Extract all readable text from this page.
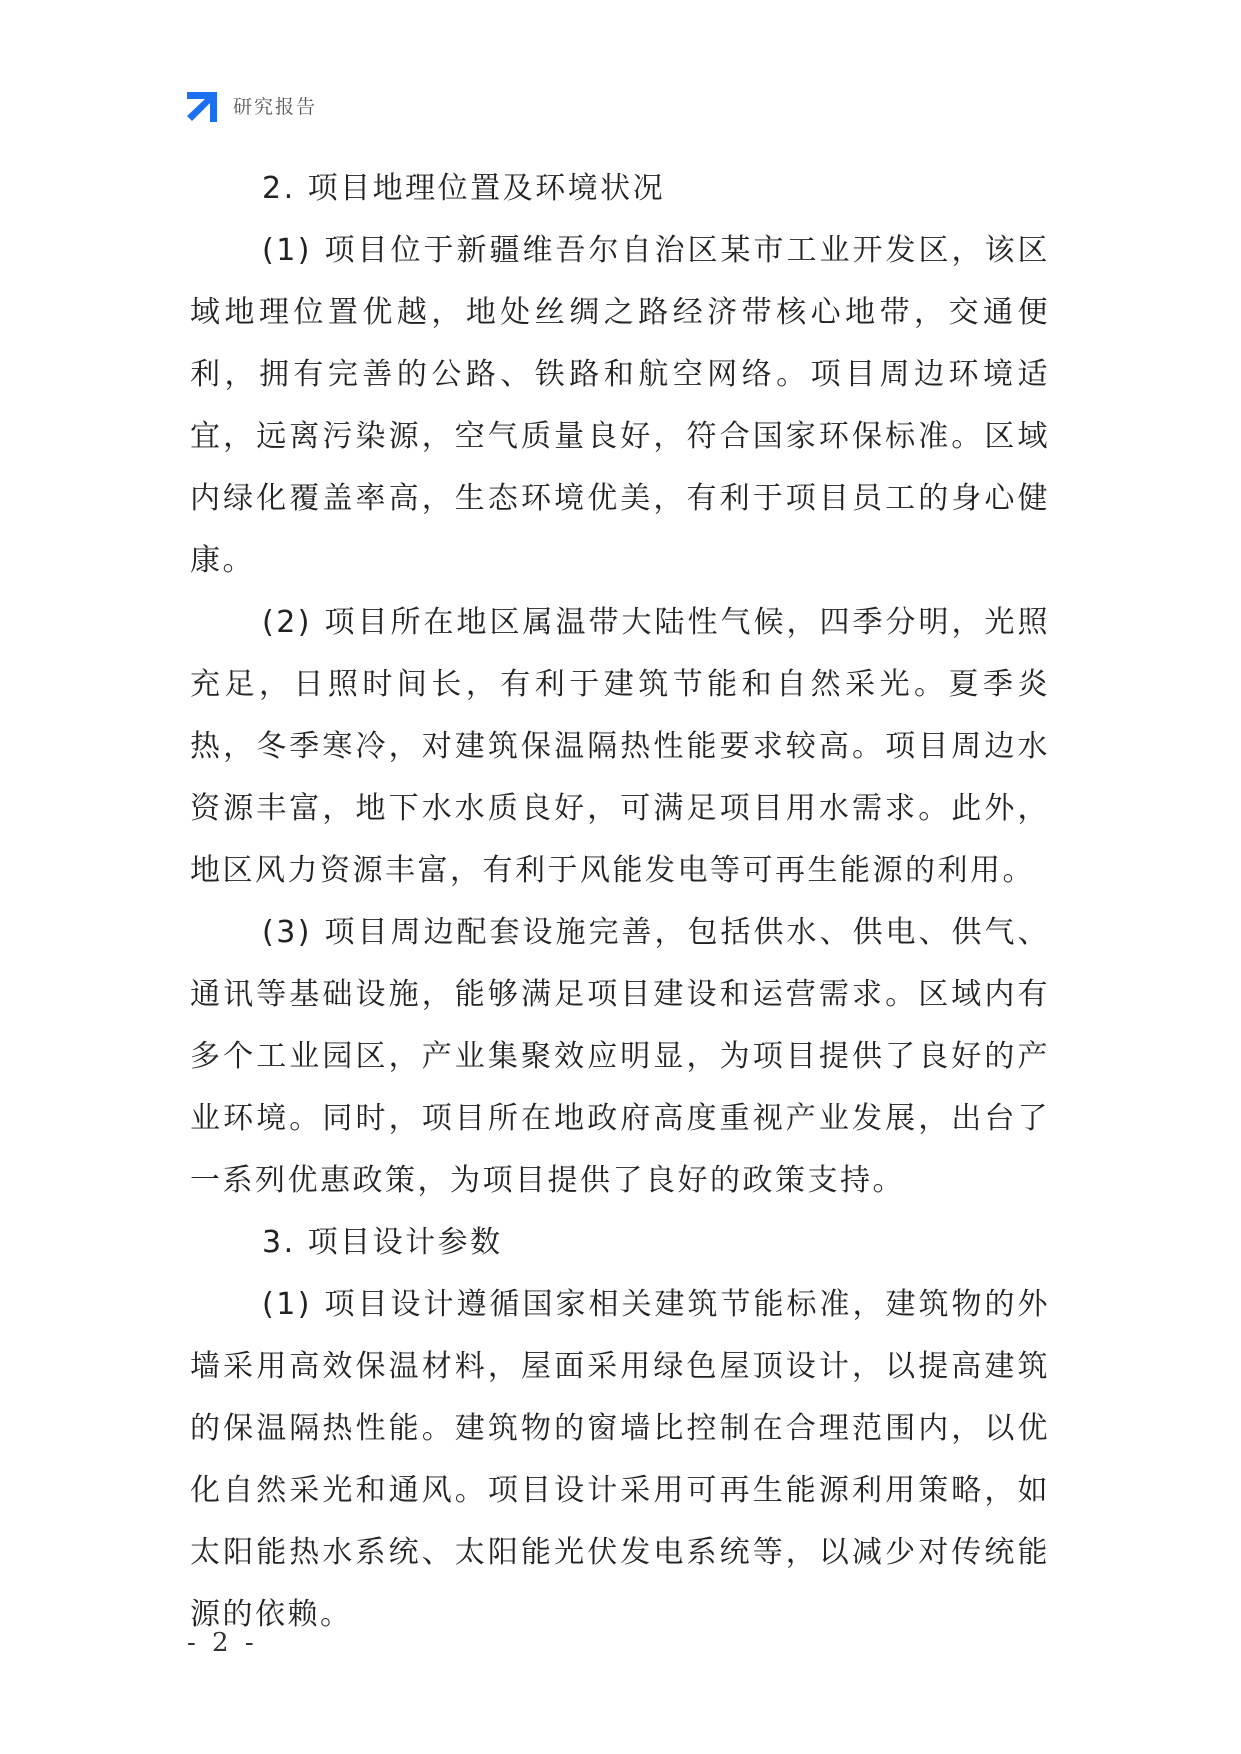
研究报告

2. 项目地理位置及环境状况

(1) 项目位于新疆维吾尔自治区某市工业开发区，该区域地理位置优越，地处丝绸之路经济带核心地带，交通便利，拥有完善的公路、铁路和航空网络。项目周边环境适宜，远离污染源，空气质量良好，符合国家环保标准。区域内绿化覆盖率高，生态环境优美，有利于项目员工的身心健康。

(2) 项目所在地区属温带大陆性气候，四季分明，光照充足，日照时间长，有利于建筑节能和自然采光。夏季炎热，冬季寒冷，对建筑保温隔热性能要求较高。项目周边水资源丰富，地下水水质良好，可满足项目用水需求。此外，地区风力资源丰富，有利于风能发电等可再生能源的利用。

(3) 项目周边配套设施完善，包括供水、供电、供气、通讯等基础设施，能够满足项目建设和运营需求。区域内有多个工业园区，产业集聚效应明显，为项目提供了良好的产业环境。同时，项目所在地政府高度重视产业发展，出台了一系列优惠政策，为项目提供了良好的政策支持。

3. 项目设计参数

(1) 项目设计遵循国家相关建筑节能标准，建筑物的外墙采用高效保温材料，屋面采用绿色屋顶设计，以提高建筑的保温隔热性能。建筑物的窗墙比控制在合理范围内，以优化自然采光和通风。项目设计采用可再生能源利用策略，如太阳能热水系统、太阳能光伏发电系统等，以减少对传统能源的依赖。

- 2 -
